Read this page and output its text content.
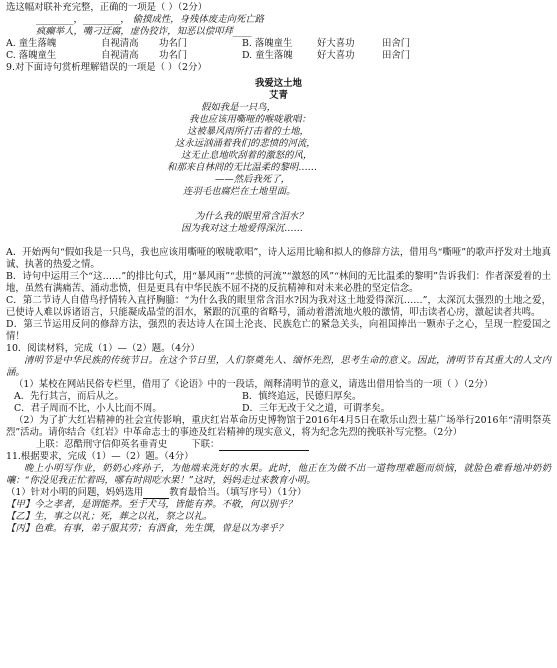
选这幅对联补充完整，正确的一项是（ ）（2分）
________，________， 偷摸成性，身残体废走向死亡路
疯癫举人，嘴刁迂腐，虚伪狡诈，知恶以偿叩拜____
A. 童生落魄	自视清高	功名门	B. 落魄童生	好大喜功	田舍门
C. 落魄童生	自视清高	功名门	D. 童生落魄	好大喜功	田舍门
9.对下面诗句赏析理解错误的一项是（ ）（2分）
我爱这土地
艾青
假如我是一只鸟，
我也应该用嘶哑的喉咙歌唱：
这被暴风雨所打击着的土地，
这永远汹涌着我们的悲愤的河流，
这无止息地吹刮着的激怒的风，
和那来自林间的无比温柔的黎明……
——然后我死了，
连羽毛也腐烂在土地里面。
为什么我的眼里常含泪水？
因为我对这土地爱得深沉……
A．开始两句“假如我是一只鸟，我也应该用嘶哑的喉咙歌唱”，诗人运用比喻和拟人的修辞方法，借用鸟“嘶哑”的歌声抒发对土地真诚、执著的热爱之情。
B．诗句中运用三个“这……”的排比句式，用“暴风雨”“悲愤的河流”“激怒的风”“林间的无比温柔的黎明”告诉我们：作者深爱着的土地，虽然有满痛苦、涌动悲愤，但是更具有中华民族不屈不挠的反抗精神和对未来必胜的坚定信念。
C．第二节诗人自借鸟抒情转入直抒胸臆：“为什么我的眼里常含泪水?因为我对这土地爱得深沉……”，太深沉太强烈的土地之爱，已使诗人难以诉诸语言，只能凝成晶莹的泪水，紧跟的沉重的省略号，涌动着潜流地火般的激情，叩击读者心房，激起读者共鸣。
D．第三节运用反问的修辞方法，强烈的表达诗人在国土沦丧、民族危亡的紧急关头，向祖国捧出一颗赤子之心，呈现一腔爱国之情！
10．阅读材料，完成（1）—（2）题。（4分）
清明节是中华民族的传统节日。在这个节日里，人们祭奠先人、缅怀先烈，思考生命的意义。因此，清明节有其重大的人文内涵。
（1）某校在网站民俗专栏里，借用了《论语》中的一段话，阐释清明节的意义，请选出借用恰当的一项（ ）（2分）
A．先行其言，而后从之。	B．慎终追远，民德归厚矣。
C．君子周而不比，小人比而不周。	D．三年无改于父之道，可谓孝矣。
（2）为了扩大红岩精神的社会宣传影响，重庆红岩革命历史博物馆于2016年4月5日在歌乐山烈士墓广场举行2016年“清明祭英烈”活动。请你结合《红岩》中革命志士的事迹及红岩精神的现实意义，将为纪念先烈的挽联补写完整。（2分）
上联：忍酷刑守信仰英名垂青史	下联：
11.根据要求，完成（1）—（2）题。（4分）
晚上小明写作业，奶奶心疼孙子，为他端来洗好的水果。此时，他正在为做不出一道物理难题而烦恼，就脸色难看地冲奶奶嚷：“你没见我正忙着吗，哪有时间吃水果！”这时，妈妈走过来教育小明。
（1）针对小明的问题，妈妈选用	教育最恰当。（填写序号）（1分）
【甲】今之孝者，是谓能养。至于犬马，皆能有养。不敬，何以别乎？
【乙】生，事之以礼；死，葬之以礼，祭之以礼。
【丙】色难。有事，弟子服其劳；有酒食，先生馔，曾是以为孝乎？
